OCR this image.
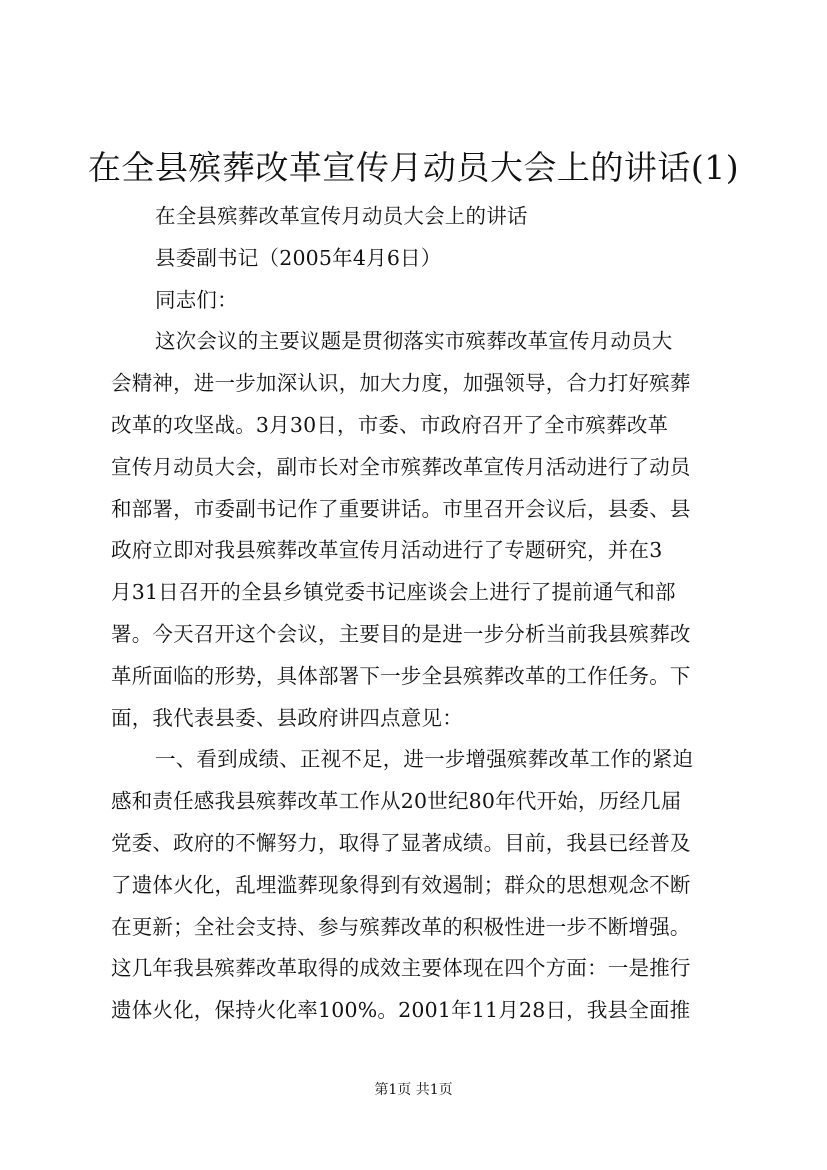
在全县殡葬改革宣传月动员大会上的讲话(1)
在全县殡葬改革宣传月动员大会上的讲话
县委副书记（2005年4月6日）
同志们：
这次会议的主要议题是贯彻落实市殡葬改革宣传月动员大
会精神，进一步加深认识，加大力度，加强领导，合力打好殡葬
改革的攻坚战。3月30日，市委、市政府召开了全市殡葬改革
宣传月动员大会，副市长对全市殡葬改革宣传月活动进行了动员
和部署，市委副书记作了重要讲话。市里召开会议后，县委、县
政府立即对我县殡葬改革宣传月活动进行了专题研究，并在3
月31日召开的全县乡镇党委书记座谈会上进行了提前通气和部
署。今天召开这个会议，主要目的是进一步分析当前我县殡葬改
革所面临的形势，具体部署下一步全县殡葬改革的工作任务。下
面，我代表县委、县政府讲四点意见：
一、看到成绩、正视不足，进一步增强殡葬改革工作的紧迫
感和责任感我县殡葬改革工作从20世纪80年代开始，历经几届
党委、政府的不懈努力，取得了显著成绩。目前，我县已经普及
了遗体火化，乱埋滥葬现象得到有效遏制；群众的思想观念不断
在更新；全社会支持、参与殡葬改革的积极性进一步不断增强。
这几年我县殡葬改革取得的成效主要体现在四个方面：一是推行
遗体火化，保持火化率100%。2001年11月28日，我县全面推
第1页 共1页
